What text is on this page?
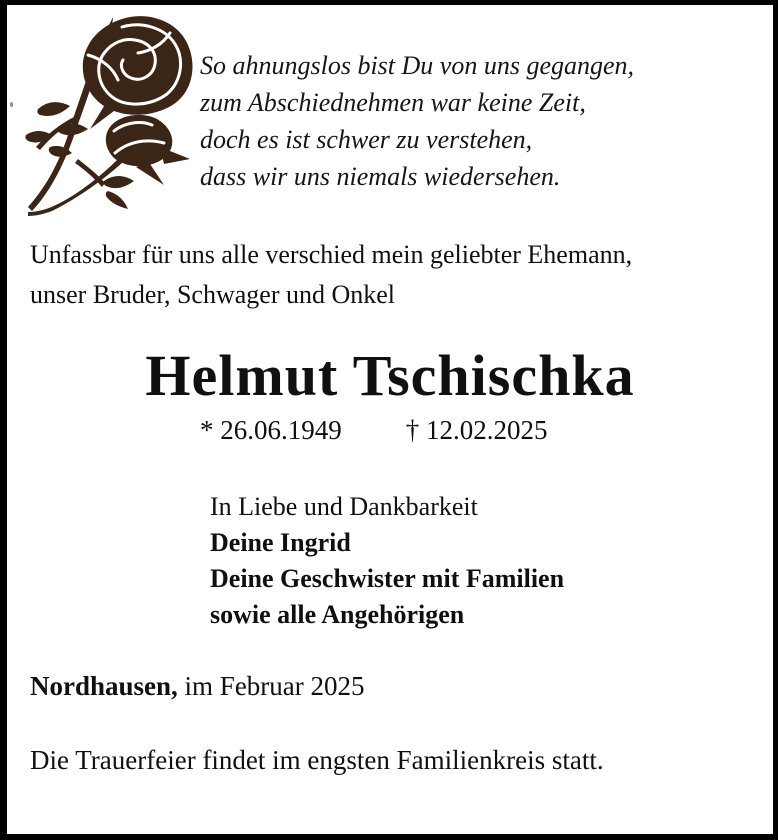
So ahnungslos bist Du von uns gegangen,
zum Abschiednehmen war keine Zeit,
doch es ist schwer zu verstehen,
dass wir uns niemals wiedersehen.
Unfassbar für uns alle verschied mein geliebter Ehemann,
unser Bruder, Schwager und Onkel
Helmut Tschischka
* 26.06.1949 † 12.02.2025
In Liebe und Dankbarkeit
Deine Ingrid
Deine Geschwister mit Familien
sowie alle Angehörigen
Nordhausen, im Februar 2025
Die Trauerfeier findet im engsten Familienkreis statt.
